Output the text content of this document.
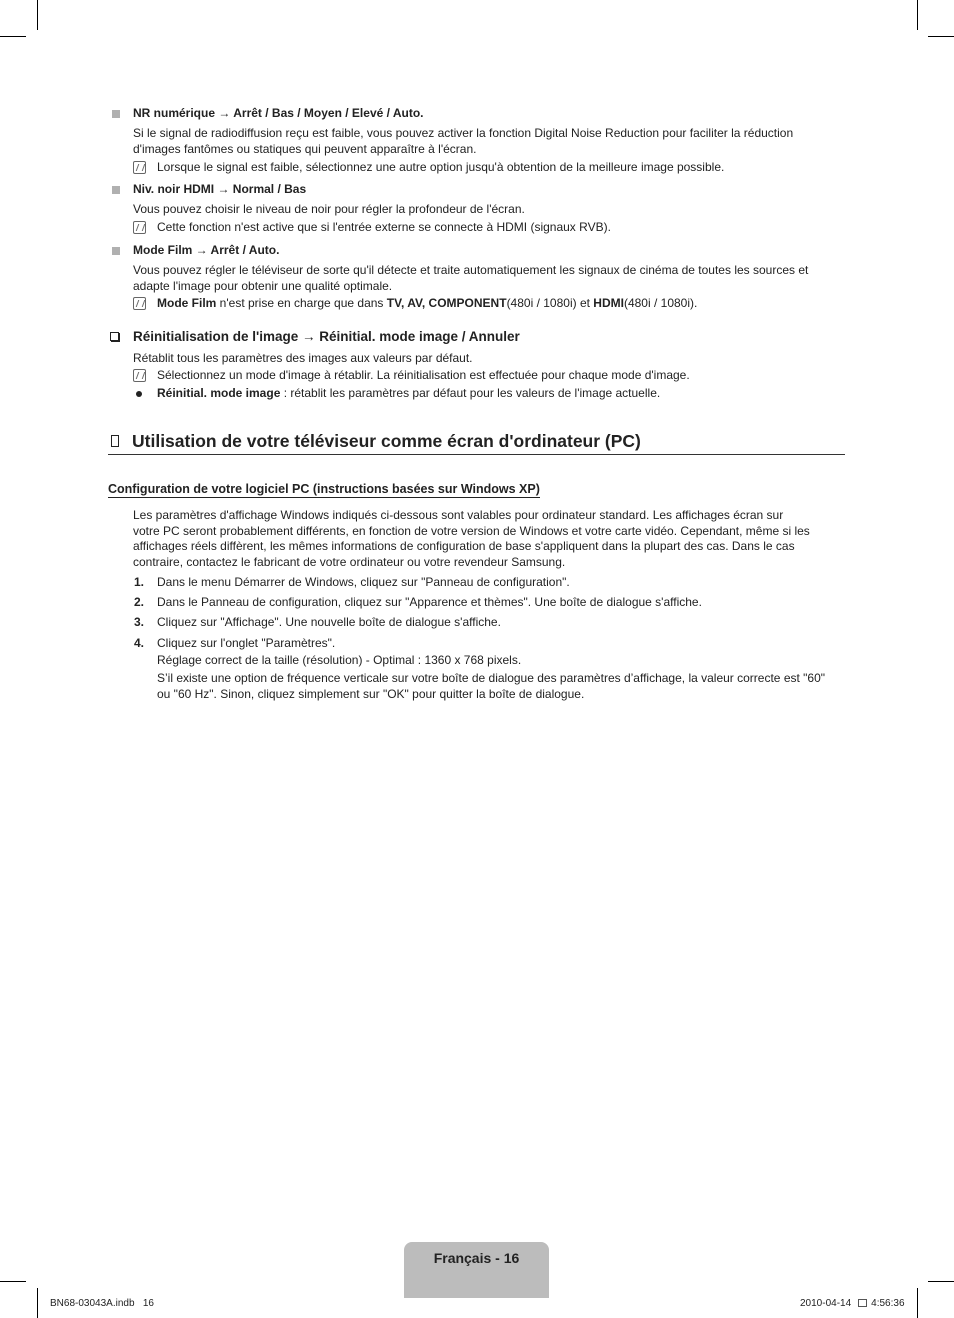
NR numérique → Arrêt / Bas / Moyen / Elevé / Auto.
Si le signal de radiodiffusion reçu est faible, vous pouvez activer la fonction Digital Noise Reduction pour faciliter la réduction
d'images fantômes ou statiques qui peuvent apparaître à l'écran.
Lorsque le signal est faible, sélectionnez une autre option jusqu'à obtention de la meilleure image possible.
Niv. noir HDMI → Normal / Bas
Vous pouvez choisir le niveau de noir pour régler la profondeur de l'écran.
Cette fonction n'est active que si l'entrée externe se connecte à HDMI (signaux RVB).
Mode Film → Arrêt / Auto.
Vous pouvez régler le téléviseur de sorte qu'il détecte et traite automatiquement les signaux de cinéma de toutes les sources et
adapte l'image pour obtenir une qualité optimale.
Mode Film n'est prise en charge que dans TV, AV, COMPONENT(480i / 1080i) et HDMI(480i / 1080i).
Réinitialisation de l'image → Réinitial. mode image / Annuler
Rétablit tous les paramètres des images aux valeurs par défaut.
Sélectionnez un mode d'image à rétablir. La réinitialisation est effectuée pour chaque mode d'image.
Réinitial. mode image : rétablit les paramètres par défaut pour les valeurs de l'image actuelle.
Utilisation de votre téléviseur comme écran d'ordinateur (PC)
Configuration de votre logiciel PC (instructions basées sur Windows XP)
Les paramètres d'affichage Windows indiqués ci-dessous sont valables pour ordinateur standard. Les affichages écran sur
votre PC seront probablement différents, en fonction de votre version de Windows et votre carte vidéo. Cependant, même si les
affichages réels diffèrent, les mêmes informations de configuration de base s'appliquent dans la plupart des cas. Dans le cas
contraire, contactez le fabricant de votre ordinateur ou votre revendeur Samsung.
1. Dans le menu Démarrer de Windows, cliquez sur "Panneau de configuration".
2. Dans le Panneau de configuration, cliquez sur "Apparence et thèmes". Une boîte de dialogue s'affiche.
3. Cliquez sur "Affichage". Une nouvelle boîte de dialogue s'affiche.
4. Cliquez sur l'onglet "Paramètres".
Réglage correct de la taille (résolution) - Optimal : 1360 x 768 pixels.
S’il existe une option de fréquence verticale sur votre boîte de dialogue des paramètres d’affichage, la valeur correcte est "60"
ou "60 Hz". Sinon, cliquez simplement sur "OK" pour quitter la boîte de dialogue.
Français - 16
BN68-03043A.indb   16	2010-04-14 4:56:36
